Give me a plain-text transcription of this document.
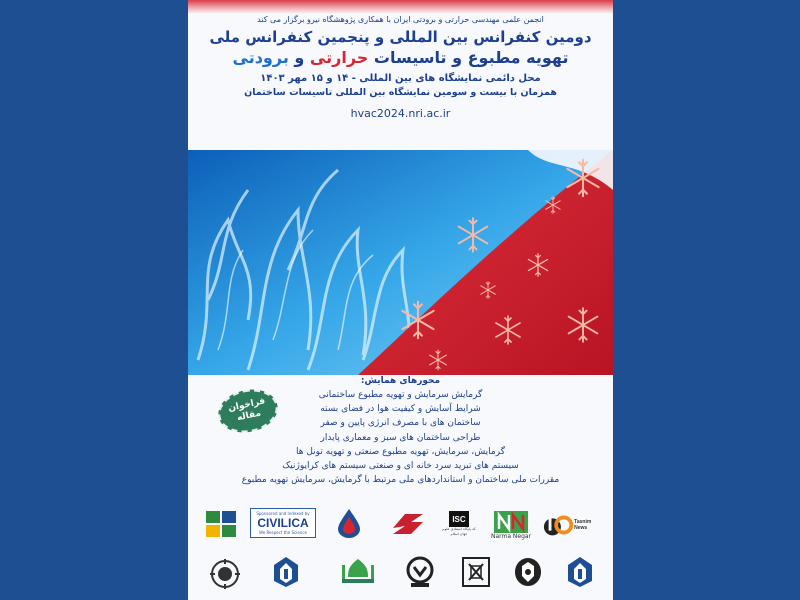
انجمن علمی مهندسی حرارتی و برودتی ایران با همکاری پژوهشگاه نیرو برگزار می کند
دومین کنفرانس بین المللی و پنجمین کنفرانس ملی
تهویه مطبوع و تاسیسات حرارتی و برودتی
محل دائمی نمایشگاه های بین المللی - ۱۴ و ۱۵ مهر ۱۴۰۳
همزمان با بیست و سومین نمایشگاه بین المللی تاسیسات ساختمان
hvac2024.nri.ac.ir
فراخوان مقاله
محورهای همایش:
گرمایش سرمایش و تهویه مطبوع ساختمانی
شرایط آسایش و کیفیت هوا در فضای بسته
ساختمان های با مصرف انرژی پایین و صفر
طراحی ساختمان های سبز و معماری پایدار
گرمایش، سرمایش، تهویه مطبوع صنعتی و تهویه تونل ها
سیستم های تبرید سرد خانه ای و صنعتی سیستم های کرایوژنیک
مقررات ملی ساختمان و استانداردهای ملی مرتبط با گرمایش، سرمایش تهویه مطبوع
Sponsored and Indexed by
CIVILICA
We Respect the Science
ISC
کد پایگاه استنادی علوم جهان اسلام	Narma Negar
Tasnim News
